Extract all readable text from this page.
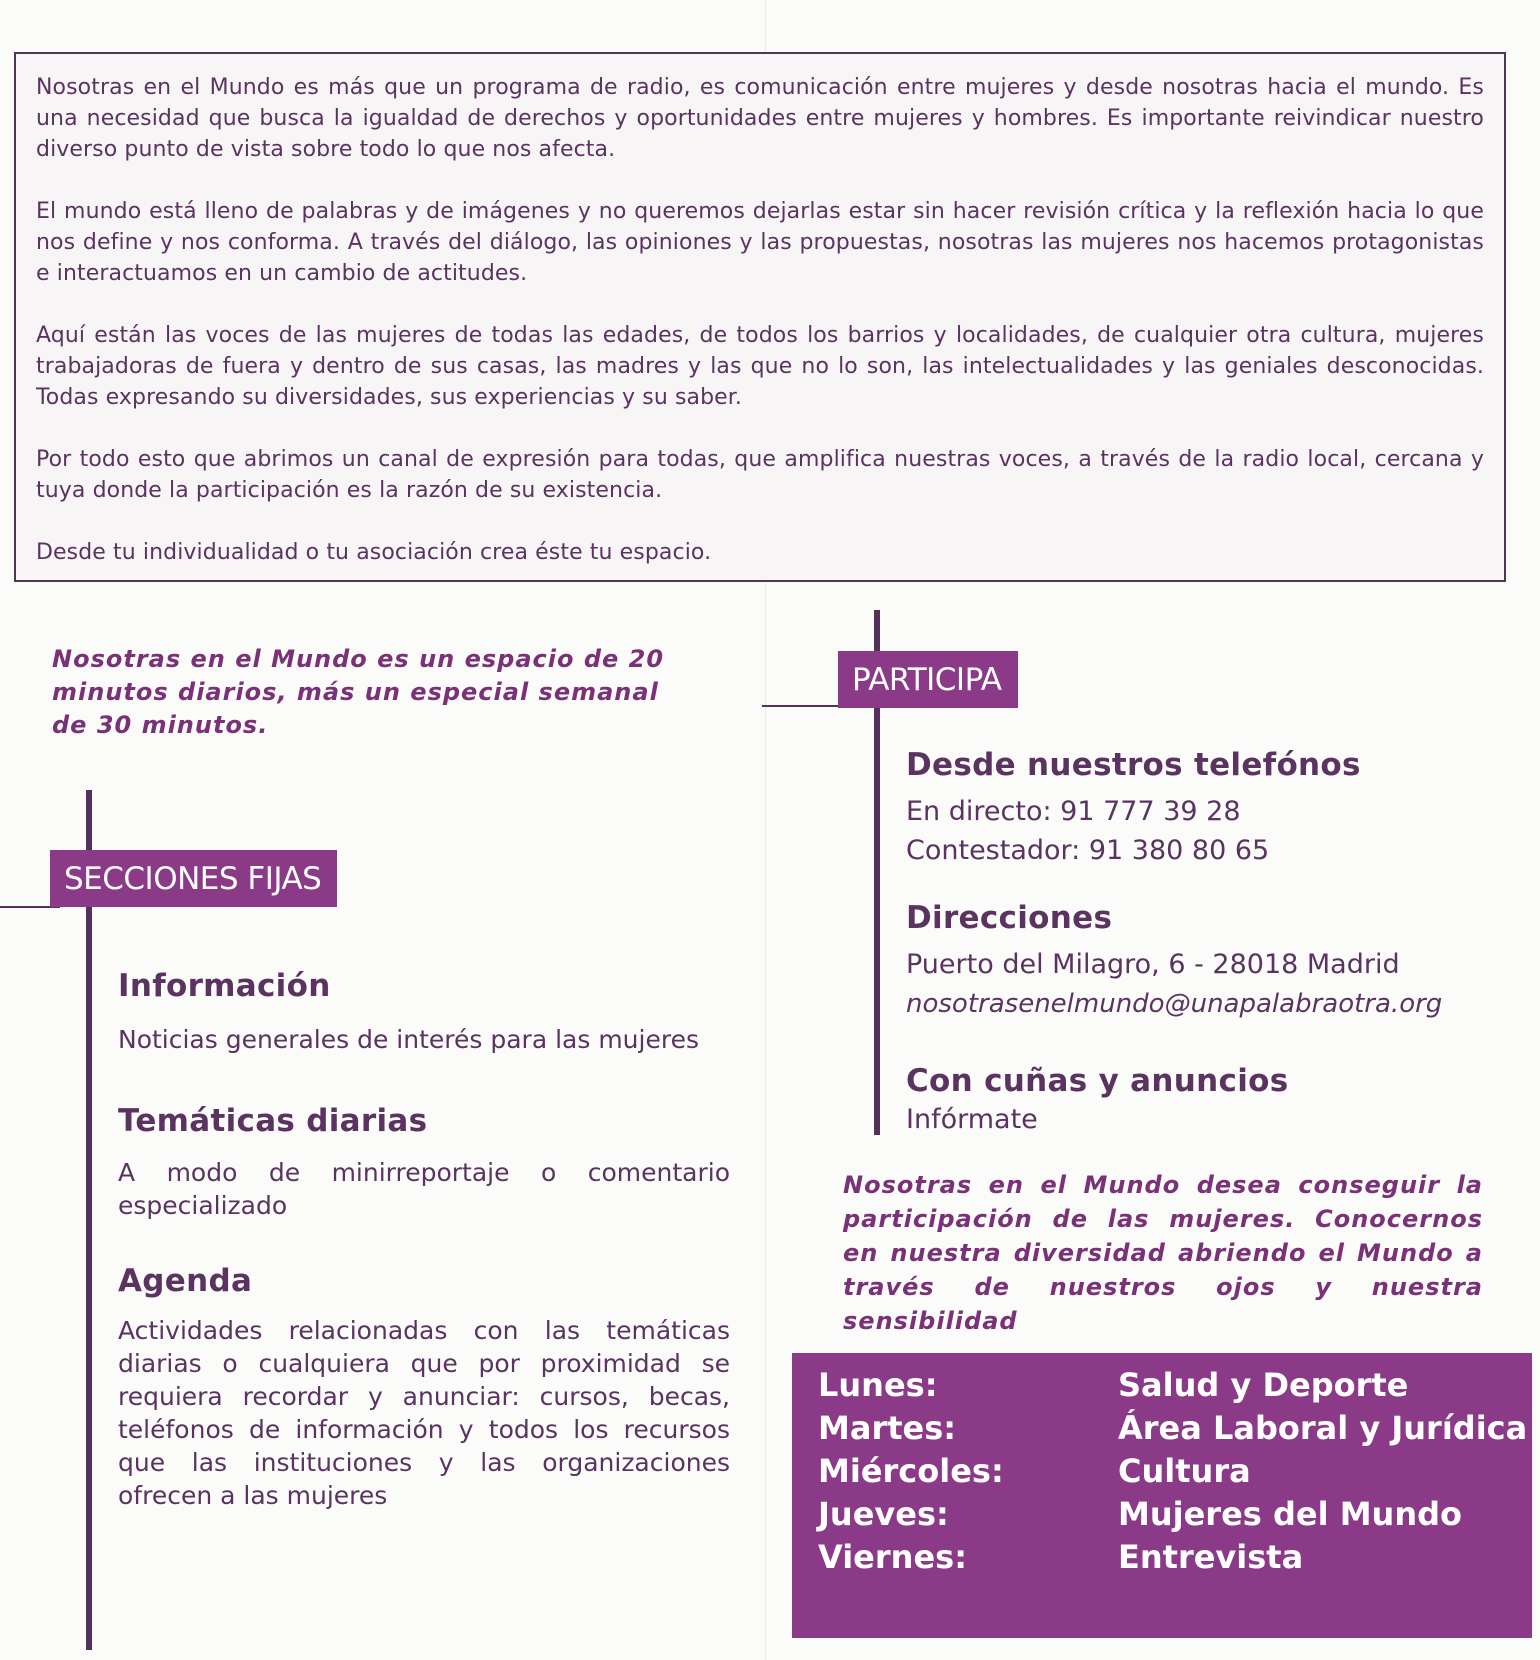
Nosotras en el Mundo es más que un programa de radio, es comunicación entre mujeres y desde nosotras hacia el mundo. Es una necesidad que busca la igualdad de derechos y oportunidades entre mujeres y hombres. Es importante reivindicar nuestro diverso punto de vista sobre todo lo que nos afecta.

El mundo está lleno de palabras y de imágenes y no queremos dejarlas estar sin hacer revisión crítica y la reflexión hacia lo que nos define y nos conforma. A través del diálogo, las opiniones y las propuestas, nosotras las mujeres nos hacemos protagonistas e interactuamos en un cambio de actitudes.

Aquí están las voces de las mujeres de todas las edades, de todos los barrios y localidades, de cualquier otra cultura, mujeres trabajadoras de fuera y dentro de sus casas, las madres y las que no lo son, las intelectualidades y las geniales desconocidas. Todas expresando su diversidades, sus experiencias y su saber.

Por todo esto que abrimos un canal de expresión para todas, que amplifica nuestras voces, a través de la radio local, cercana y tuya donde la participación es la razón de su existencia.

Desde tu individualidad o tu asociación crea éste tu espacio.

Nosotras en el Mundo es un espacio de 20 minutos diarios, más un especial semanal de 30 minutos.
SECCIONES FIJAS
Información
Noticias generales de interés para las mujeres
Temáticas diarias
A modo de minirreportaje o comentario especializado
Agenda
Actividades relacionadas con las temáticas diarias o cualquiera que por proximidad se requiera recordar y anunciar: cursos, becas, teléfonos de información y todos los recursos que las instituciones y las organizaciones ofrecen a las mujeres
PARTICIPA
Desde nuestros telefónos
En directo: 91 777 39 28
Contestador: 91 380 80 65
Direcciones
Puerto del Milagro, 6 - 28018 Madrid
nosotrasenelmundo@unapalabraotra.org
Con cuñas y anuncios
Infórmate
Nosotras en el Mundo desea conseguir la participación de las mujeres. Conocernos en nuestra diversidad abriendo el Mundo a través de nuestros ojos y nuestra sensibilidad
Lunes:	Salud y Deporte
Martes:	Área Laboral y Jurídica
Miércoles:	Cultura
Jueves:	Mujeres del Mundo
Viernes:	Entrevista
